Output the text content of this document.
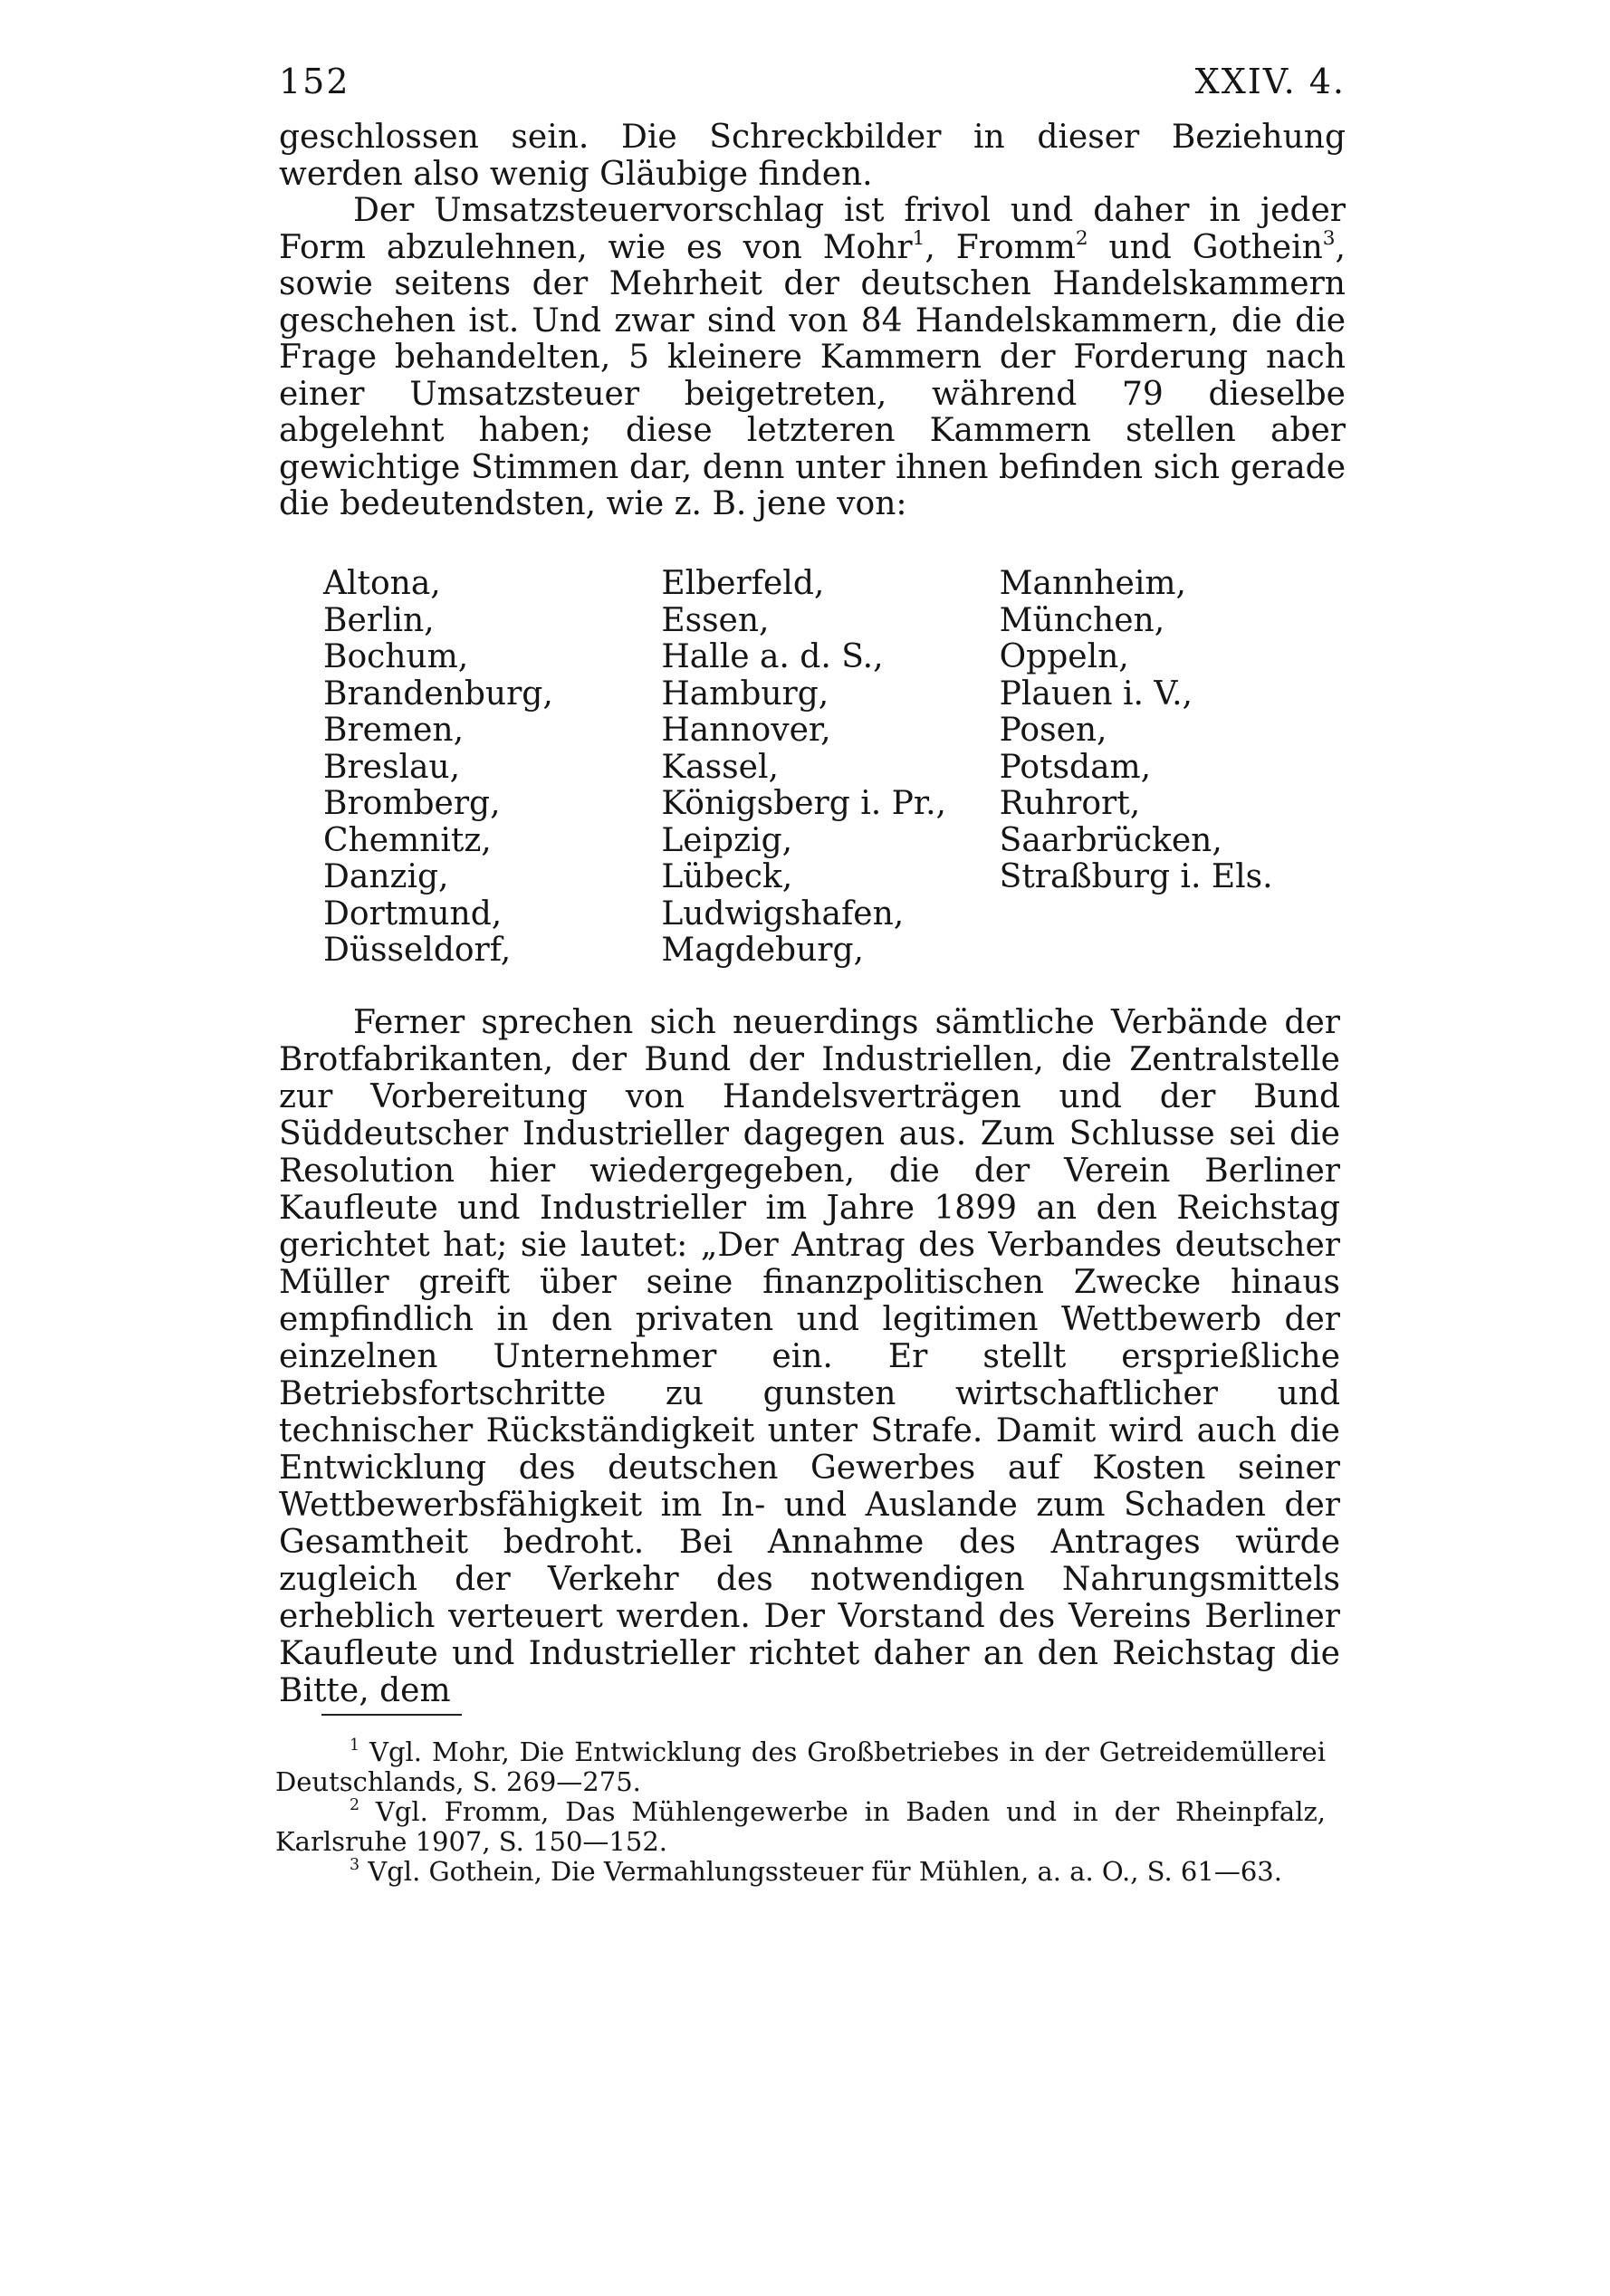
152	XXIV. 4.

geschlossen sein. Die Schreckbilder in dieser Beziehung werden also wenig Gläubige finden.

Der Umsatzsteuervorschlag ist frivol und daher in jeder Form abzulehnen, wie es von Mohr$^1$, Fromm$^2$ und Gothein$^3$, sowie seitens der Mehrheit der deutschen Handelskammern geschehen ist. Und zwar sind von 84 Handelskammern, die die Frage behandelten, 5 kleinere Kammern der Forderung nach einer Umsatzsteuer beigetreten, während 79 dieselbe abgelehnt haben; diese letzteren Kammern stellen aber gewichtige Stimmen dar, denn unter ihnen befinden sich gerade die bedeutendsten, wie z. B. jene von:

Altona,
Berlin,
Bochum,
Brandenburg,
Bremen,
Breslau,
Bromberg,
Chemnitz,
Danzig,
Dortmund,
Düsseldorf,
Elberfeld,
Essen,
Halle a. d. S.,
Hamburg,
Hannover,
Kassel,
Königsberg i. Pr.,
Leipzig,
Lübeck,
Ludwigshafen,
Magdeburg,
Mannheim,
München,
Oppeln,
Plauen i. V.,
Posen,
Potsdam,
Ruhrort,
Saarbrücken,
Straßburg i. Els.

Ferner sprechen sich neuerdings sämtliche Verbände der Brotfabrikanten, der Bund der Industriellen, die Zentralstelle zur Vorbereitung von Handelsverträgen und der Bund Süddeutscher Industrieller dagegen aus. Zum Schlusse sei die Resolution hier wiedergegeben, die der Verein Berliner Kaufleute und Industrieller im Jahre 1899 an den Reichstag gerichtet hat; sie lautet: „Der Antrag des Verbandes deutscher Müller greift über seine finanzpolitischen Zwecke hinaus empfindlich in den privaten und legitimen Wettbewerb der einzelnen Unternehmer ein. Er stellt ersprießliche Betriebsfortschritte zu gunsten wirtschaftlicher und technischer Rückständigkeit unter Strafe. Damit wird auch die Entwicklung des deutschen Gewerbes auf Kosten seiner Wettbewerbsfähigkeit im In- und Auslande zum Schaden der Gesamtheit bedroht. Bei Annahme des Antrages würde zugleich der Verkehr des notwendigen Nahrungsmittels erheblich verteuert werden. Der Vorstand des Vereins Berliner Kaufleute und Industrieller richtet daher an den Reichstag die Bitte, dem

$^1$ Vgl. Mohr, Die Entwicklung des Großbetriebes in der Getreidemüllerei Deutschlands, S. 269—275.

$^2$ Vgl. Fromm, Das Mühlengewerbe in Baden und in der Rheinpfalz, Karlsruhe 1907, S. 150—152.

$^3$ Vgl. Gothein, Die Vermahlungssteuer für Mühlen, a. a. O., S. 61—63.
